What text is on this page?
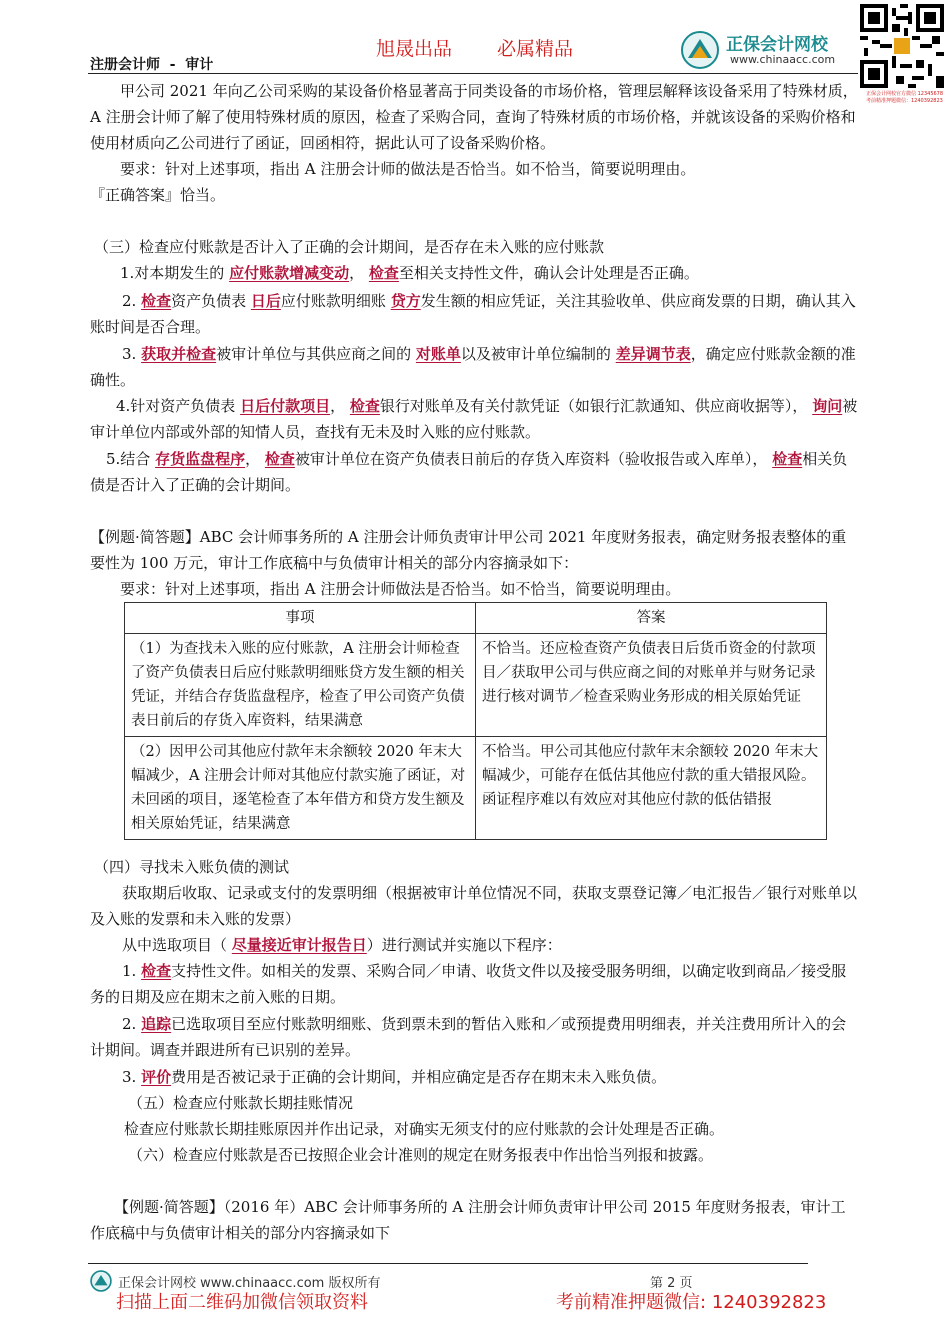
旭晟出品 必属精品
注册会计师 - 审计
正保会计网校
www.chinaacc.com
正保会计网校官方微信 12345678
考前精准押题微信：1240392823
甲公司 2021 年向乙公司采购的某设备价格显著高于同类设备的市场价格，管理层解释该设备采用了特殊材质，A 注册会计师了解了使用特殊材质的原因，检查了采购合同，查询了特殊材质的市场价格，并就该设备的采购价格和使用材质向乙公司进行了函证，回函相符，据此认可了设备采购价格。
要求：针对上述事项，指出 A 注册会计师的做法是否恰当。如不恰当，简要说明理由。
『正确答案』恰当。
（三）检查应付账款是否计入了正确的会计期间，是否存在未入账的应付账款
1.对本期发生的 应付账款增减变动， 检查至相关支持性文件，确认会计处理是否正确。
2. 检查资产负债表 日后应付账款明细账 贷方发生额的相应凭证，关注其验收单、供应商发票的日期，确认其入账时间是否合理。
3. 获取并检查被审计单位与其供应商之间的 对账单以及被审计单位编制的 差异调节表，确定应付账款金额的准确性。
4.针对资产负债表 日后付款项目， 检查银行对账单及有关付款凭证（如银行汇款通知、供应商收据等）， 询问被审计单位内部或外部的知情人员，查找有无未及时入账的应付账款。
5.结合 存货监盘程序， 检查被审计单位在资产负债表日前后的存货入库资料（验收报告或入库单）， 检查相关负债是否计入了正确的会计期间。
【例题·简答题】ABC 会计师事务所的 A 注册会计师负责审计甲公司 2021 年度财务报表，确定财务报表整体的重要性为 100 万元，审计工作底稿中与负债审计相关的部分内容摘录如下：
要求：针对上述事项，指出 A 注册会计师做法是否恰当。如不恰当，简要说明理由。
事项	答案
（1）为查找未入账的应付账款，A 注册会计师检查了资产负债表日后应付账款明细账贷方发生额的相关凭证，并结合存货监盘程序，检查了甲公司资产负债表日前后的存货入库资料，结果满意	不恰当。还应检查资产负债表日后货币资金的付款项目／获取甲公司与供应商之间的对账单并与财务记录进行核对调节／检查采购业务形成的相关原始凭证
（2）因甲公司其他应付款年末余额较 2020 年末大幅减少，A 注册会计师对其他应付款实施了函证，对未回函的项目，逐笔检查了本年借方和贷方发生额及相关原始凭证，结果满意	不恰当。甲公司其他应付款年末余额较 2020 年末大幅减少，可能存在低估其他应付款的重大错报风险。函证程序难以有效应对其他应付款的低估错报
（四）寻找未入账负债的测试
获取期后收取、记录或支付的发票明细（根据被审计单位情况不同，获取支票登记簿／电汇报告／银行对账单以及入账的发票和未入账的发票）
从中选取项目（ 尽量接近审计报告日）进行测试并实施以下程序：
1. 检查支持性文件。如相关的发票、采购合同／申请、收货文件以及接受服务明细，以确定收到商品／接受服务的日期及应在期末之前入账的日期。
2. 追踪已选取项目至应付账款明细账、货到票未到的暂估入账和／或预提费用明细表，并关注费用所计入的会计期间。调查并跟进所有已识别的差异。
3. 评价费用是否被记录于正确的会计期间，并相应确定是否存在期末未入账负债。
（五）检查应付账款长期挂账情况
检查应付账款长期挂账原因并作出记录，对确实无须支付的应付账款的会计处理是否正确。
（六）检查应付账款是否已按照企业会计准则的规定在财务报表中作出恰当列报和披露。
【例题·简答题】（2016 年）ABC 会计师事务所的 A 注册会计师负责审计甲公司 2015 年度财务报表，审计工作底稿中与负债审计相关的部分内容摘录如下
正保会计网校 www.chinaacc.com 版权所有	第 2 页
扫描上面二维码加微信领取资料	考前精准押题微信: 1240392823
